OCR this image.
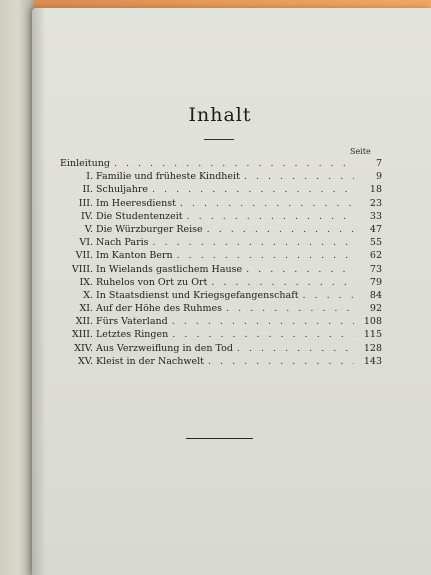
Inhalt
Seite
Einleitung . . .	7
I. Familie und früheste Kindheit . . .	9
II. Schuljahre . . .	18
III. Im Heeresdienst . . .	23
IV. Die Studentenzeit . . .	33
V. Die Würzburger Reise . . .	47
VI. Nach Paris . . .	55
VII. Im Kanton Bern . . .	62
VIII. In Wielands gastlichem Hause . . .	73
IX. Ruhelos von Ort zu Ort . . .	79
X. In Staatsdienst und Kriegsgefangenschaft . . .	84
XI. Auf der Höhe des Ruhmes . . .	92
XII. Fürs Vaterland . . .	108
XIII. Letztes Ringen . . .	115
XIV. Aus Verzweiflung in den Tod . . .	128
XV. Kleist in der Nachwelt . . .	143
